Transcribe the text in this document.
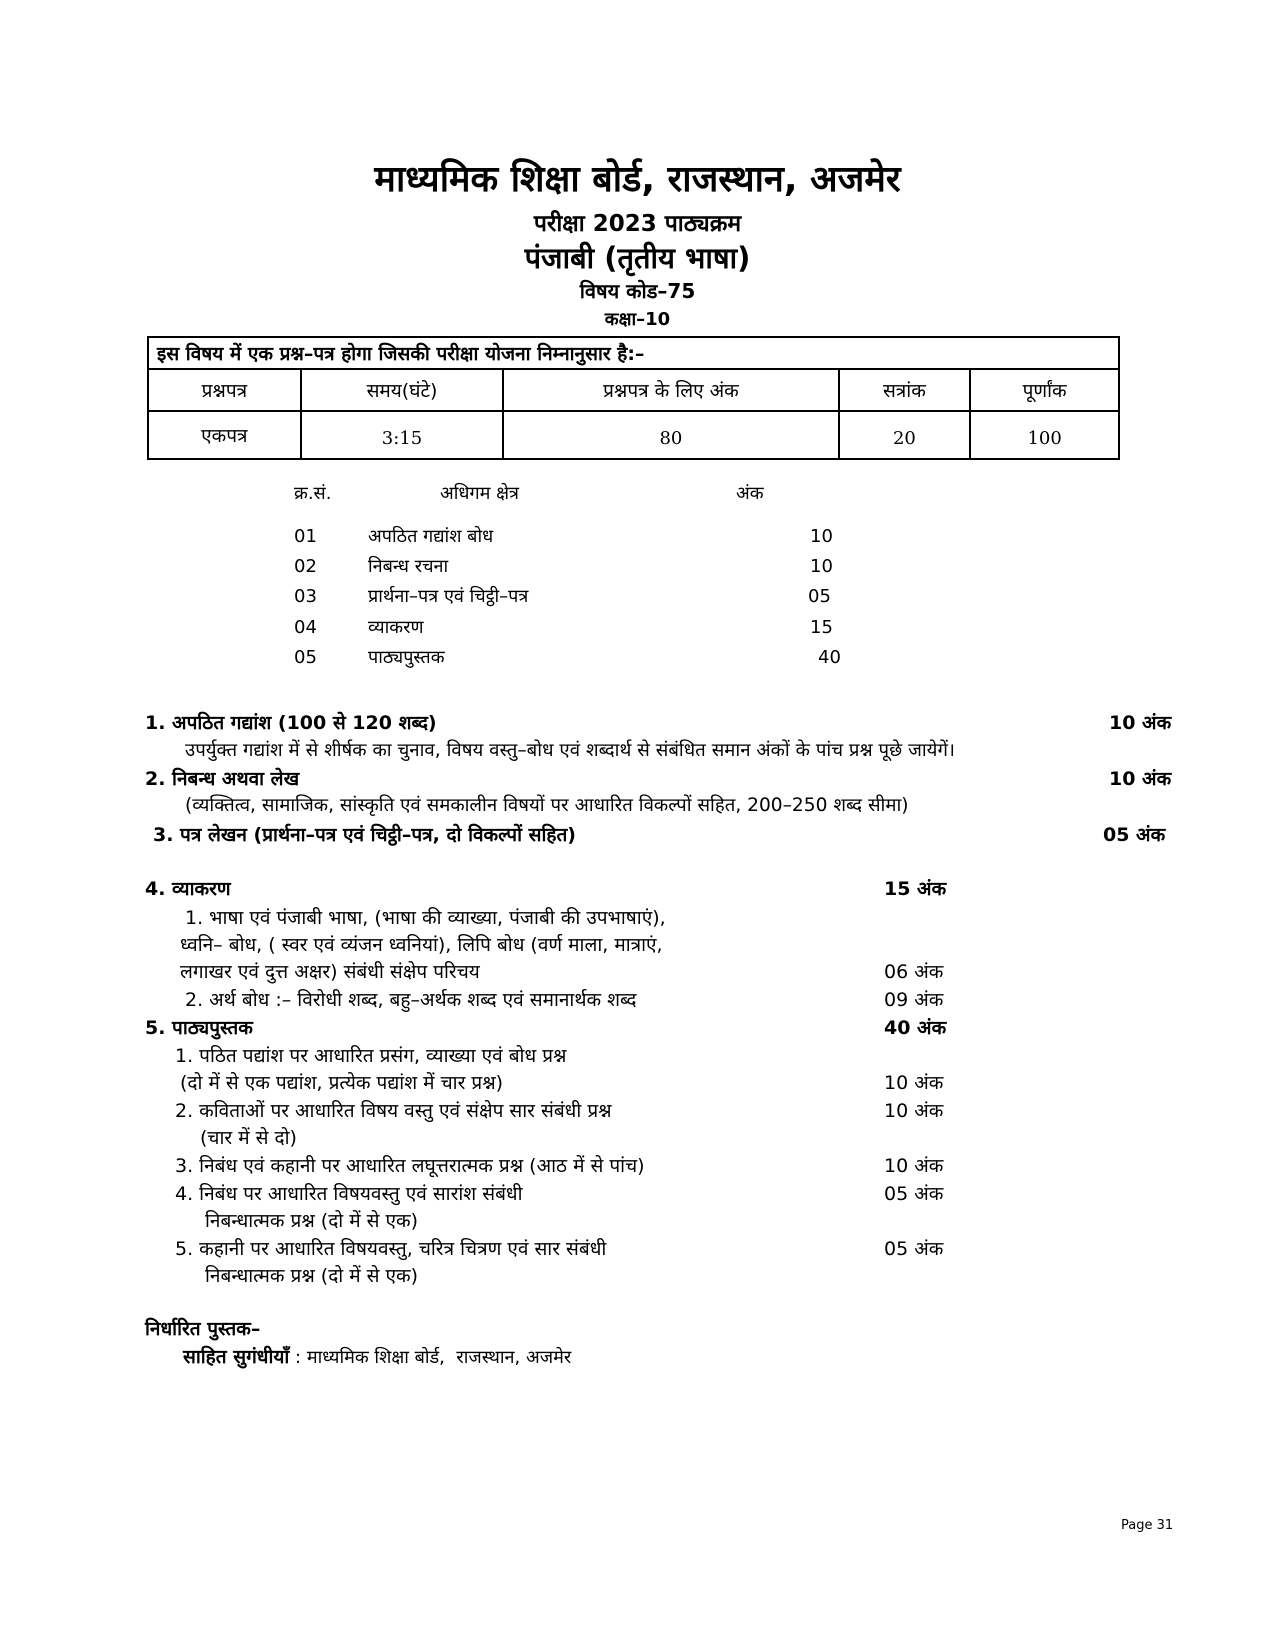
माध्यमिक शिक्षा बोर्ड, राजस्थान, अजमेर
परीक्षा 2023 पाठ्यक्रम
पंजाबी (तृतीय भाषा)
विषय कोड–75
कक्षा–10
इस विषय में एक प्रश्न–पत्र होगा जिसकी परीक्षा योजना निम्नानुसार है:–				
प्रश्नपत्र	समय(घंटे)	प्रश्नपत्र के लिए अंक	सत्रांक	पूर्णांक
एकपत्र	3:15	80	20	100
क्र.सं.	अधिगम क्षेत्र	अंक
01	अपठित गद्यांश बोध	10
02	निबन्ध रचना	10
03	प्रार्थना–पत्र एवं चिट्ठी–पत्र	05
04	व्याकरण	15
05	पाठ्यपुस्तक	40
1. अपठित गद्यांश (100 से 120 शब्द)	10 अंक
उपर्युक्त गद्यांश में से शीर्षक का चुनाव, विषय वस्तु–बोध एवं शब्दार्थ से संबंधित समान अंकों के पांच प्रश्न पूछे जायेगें।
2. निबन्ध अथवा लेख	10 अंक
(व्यक्तित्व, सामाजिक, सांस्कृति एवं समकालीन विषयों पर आधारित विकल्पों सहित, 200–250 शब्द सीमा)
3. पत्र लेखन (प्रार्थना–पत्र एवं चिट्ठी–पत्र, दो विकल्पों सहित)	05 अंक
4. व्याकरण	15 अंक
1. भाषा एवं पंजाबी भाषा, (भाषा की व्याख्या, पंजाबी की उपभाषाएं),
ध्वनि– बोध, ( स्वर एवं व्यंजन ध्वनियां), लिपि बोध (वर्ण माला, मात्राएं,
लगाखर एवं दुत्त अक्षर) संबंधी संक्षेप परिचय	06 अंक
2. अर्थ बोध :– विरोधी शब्द, बहु–अर्थक शब्द एवं समानार्थक शब्द	09 अंक
5. पाठ्यपुस्तक	40 अंक
1. पठित पद्यांश पर आधारित प्रसंग, व्याख्या एवं बोध प्रश्न
(दो में से एक पद्यांश, प्रत्येक पद्यांश में चार प्रश्न)	10 अंक
2. कविताओं पर आधारित विषय वस्तु एवं संक्षेप सार संबंधी प्रश्न	10 अंक
(चार में से दो)
3. निबंध एवं कहानी पर आधारित लघूत्तरात्मक प्रश्न (आठ में से पांच)	10 अंक
4. निबंध पर आधारित विषयवस्तु एवं सारांश संबंधी	05 अंक
निबन्धात्मक प्रश्न (दो में से एक)
5. कहानी पर आधारित विषयवस्तु, चरित्र चित्रण एवं सार संबंधी	05 अंक
निबन्धात्मक प्रश्न (दो में से एक)
निर्धारित पुस्तक–
साहित सुगंधीयाँ : माध्यमिक शिक्षा बोर्ड,  राजस्थान, अजमेर
Page 31
